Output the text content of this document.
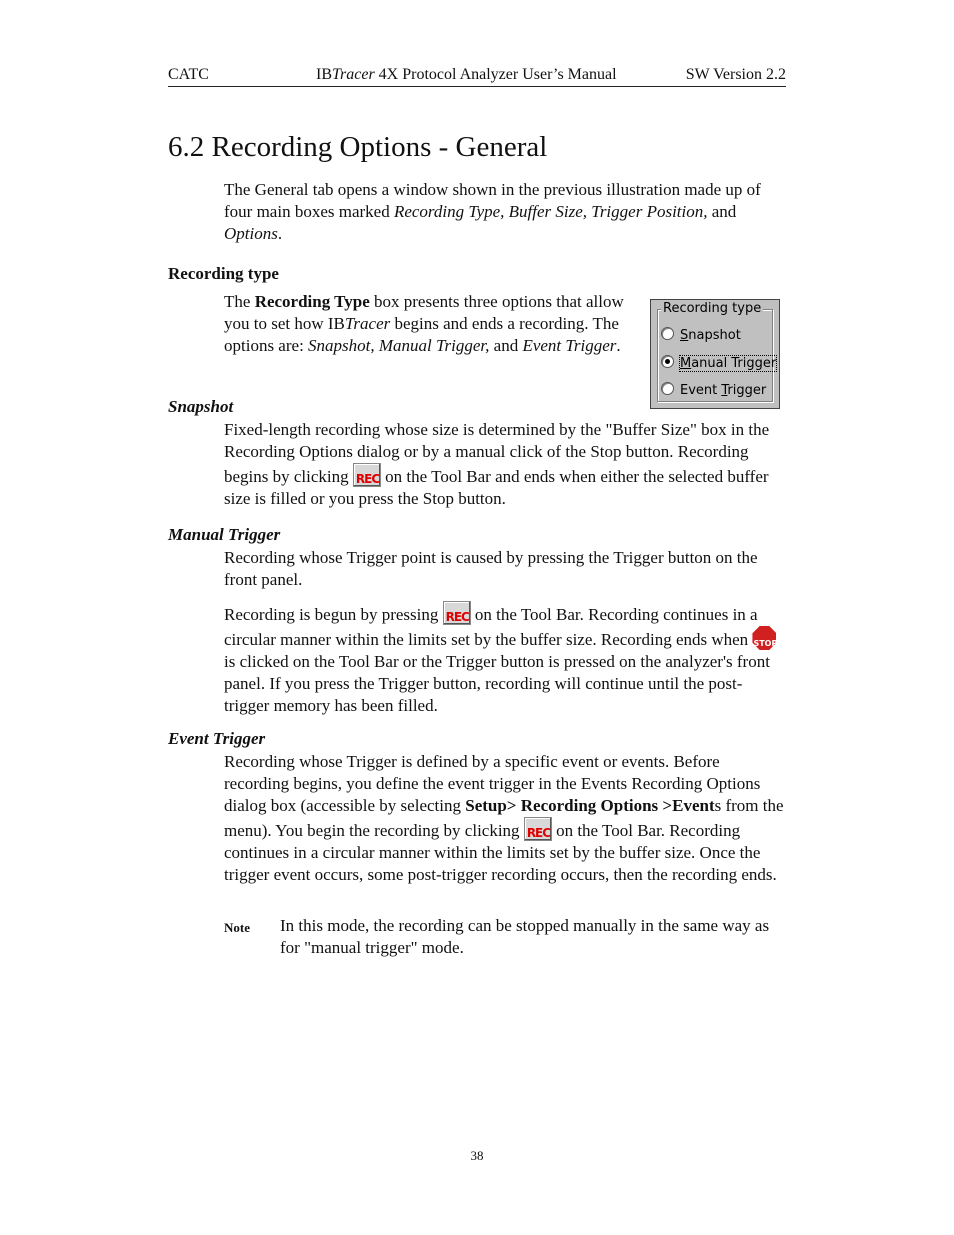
CATC	IBTracer 4X Protocol Analyzer User’s Manual	SW Version 2.2
6.2 Recording Options - General

The General tab opens a window shown in the previous illustration made up of four main boxes marked Recording Type, Buffer Size, Trigger Position, and Options.

Recording type

The Recording Type box presents three options that allow you to set how IBTracer begins and ends a recording. The options are: Snapshot, Manual Trigger, and Event Trigger.

Recording type
Snapshot
Manual Trigger
Event Trigger
Snapshot

Fixed-length recording whose size is determined by the "Buffer Size" box in the Recording Options dialog or by a manual click of the Stop button. Recording begins by clicking REC on the Tool Bar and ends when either the selected buffer size is filled or you press the Stop button.

Manual Trigger

Recording whose Trigger point is caused by pressing the Trigger button on the front panel.

Recording is begun by pressing REC on the Tool Bar. Recording continues in a circular manner within the limits set by the buffer size. Recording ends when STOP is clicked on the Tool Bar or the Trigger button is pressed on the analyzer's front panel. If you press the Trigger button, recording will continue until the post-trigger memory has been filled.

Event Trigger

Recording whose Trigger is defined by a specific event or events. Before recording begins, you define the event trigger in the Events Recording Options dialog box (accessible by selecting Setup> Recording Options >Events from the menu). You begin the recording by clicking REC on the Tool Bar. Recording continues in a circular manner within the limits set by the buffer size. Once the trigger event occurs, some post-trigger recording occurs, then the recording ends.

Note In this mode, the recording can be stopped manually in the same way as for "manual trigger" mode.

38
